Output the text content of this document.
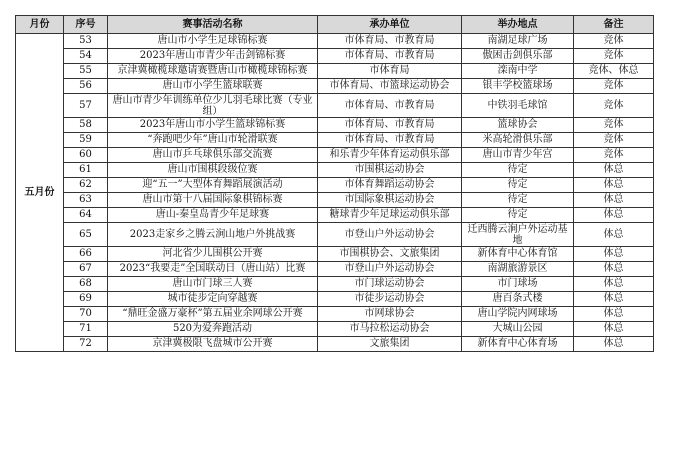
月份	序号	赛事活动名称	承办单位	举办地点	备注
五月份	53	唐山市小学生足球锦标赛	市体育局、市教育局	南湖足球广场	竞体
	54	2023年唐山市青少年击剑锦标赛	市体育局、市教育局	傲困击剑俱乐部	竞体
	55	京津冀橄榄球邀请赛暨唐山市橄榄球锦标赛	市体育局	滦南中学	竞体、体总
	56	唐山市小学生篮球联赛	市体育局、市篮球运动协会	银丰学校篮球场	竞体
	57	唐山市青少年训练单位少儿羽毛球比赛（专业组）	市体育局、市教育局	中铁羽毛球馆	竞体
	58	2023年唐山市小学生篮球锦标赛	市体育局、市教育局	篮球协会	竞体
	59	“奔跑吧少年”唐山市轮滑联赛	市体育局、市教育局	米高轮滑俱乐部	竞体
	60	唐山市乒乓球俱乐部交流赛	和乐青少年体育运动俱乐部	唐山市青少年宫	竞体
	61	唐山市围棋段级位赛	市围棋运动协会	待定	体总
	62	迎“五一”大型体育舞蹈展演活动	市体育舞蹈运动协会	待定	体总
	63	唐山市第十八届国际象棋锦标赛	市国际象棋运动协会	待定	体总
	64	唐山-秦皇岛青少年足球赛	糖球青少年足球运动俱乐部	待定	体总
	65	2023走家乡之腾云涧山地户外挑战赛	市登山户外运动协会	迁西腾云涧户外运动基地	体总
	66	河北省少儿围棋公开赛	市围棋协会、文旅集团	新体育中心体育馆	体总
	67	2023“我要走”全国联动日（唐山站）比赛	市登山户外运动协会	南湖旅游景区	体总
	68	唐山市门球三人赛	市门球运动协会	市门球场	体总
	69	城市徒步定向穿越赛	市徒步运动协会	唐百条式楼	体总
	70	“鼎旺金盛万豪杯”第五届业余网球公开赛	市网球协会	唐山学院内网球场	体总
	71	520为爱奔跑活动	市马拉松运动协会	大城山公园	体总
	72	京津冀极限飞盘城市公开赛	文旅集团	新体育中心体育场	体总
